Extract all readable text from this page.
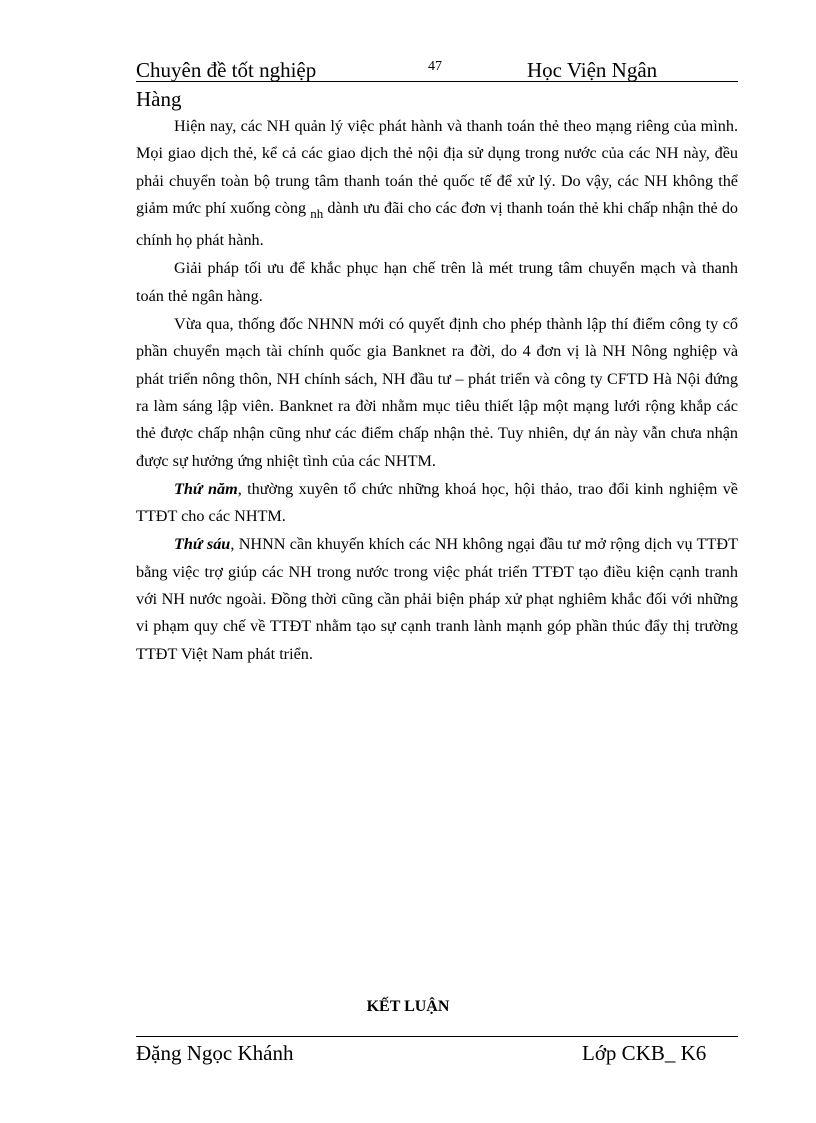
Chuyên đề tốt nghiệp	47	Học Viện Ngân
Hàng

Hiện nay, các NH quản lý việc phát hành và thanh toán thẻ theo mạng riêng của mình. Mọi giao dịch thẻ, kể cả các giao dịch thẻ nội địa sử dụng trong nước của các NH này, đều phải chuyển toàn bộ trung tâm thanh toán thẻ quốc tế để xử lý. Do vậy, các NH không thể giảm mức phí xuống còng $_{nh}$ dành ưu đãi cho các đơn vị thanh toán thẻ khi chấp nhận thẻ do chính họ phát hành.

Giải pháp tối ưu để khắc phục hạn chế trên là mét trung tâm chuyển mạch và thanh toán thẻ ngân hàng.

Vừa qua, thống đốc NHNN mới có quyết định cho phép thành lập thí điểm công ty cổ phần chuyển mạch tài chính quốc gia Banknet ra đời, do 4 đơn vị là NH Nông nghiệp và phát triển nông thôn, NH chính sách, NH đầu tư – phát triển và công ty CFTD Hà Nội đứng ra làm sáng lập viên. Banknet ra đời nhằm mục tiêu thiết lập một mạng lưới rộng khắp các thẻ được chấp nhận cũng như các điểm chấp nhận thẻ. Tuy nhiên, dự án này vẫn chưa nhận được sự hưởng ứng nhiệt tình của các NHTM.

Thứ năm, thường xuyên tổ chức những khoá học, hội thảo, trao đổi kinh nghiệm về TTĐT cho các NHTM.

Thứ sáu, NHNN cần khuyến khích các NH không ngại đầu tư mở rộng dịch vụ TTĐT bằng việc trợ giúp các NH trong nước trong việc phát triển TTĐT tạo điều kiện cạnh tranh với NH nước ngoài. Đồng thời cũng cần phải biện pháp xử phạt nghiêm khắc đối với những vi phạm quy chế về TTĐT nhằm tạo sự cạnh tranh lành mạnh góp phần thúc đẩy thị trường TTĐT Việt Nam phát triển.

KẾT LUẬN
Đặng Ngọc Khánh	Lớp CKB_ K6
